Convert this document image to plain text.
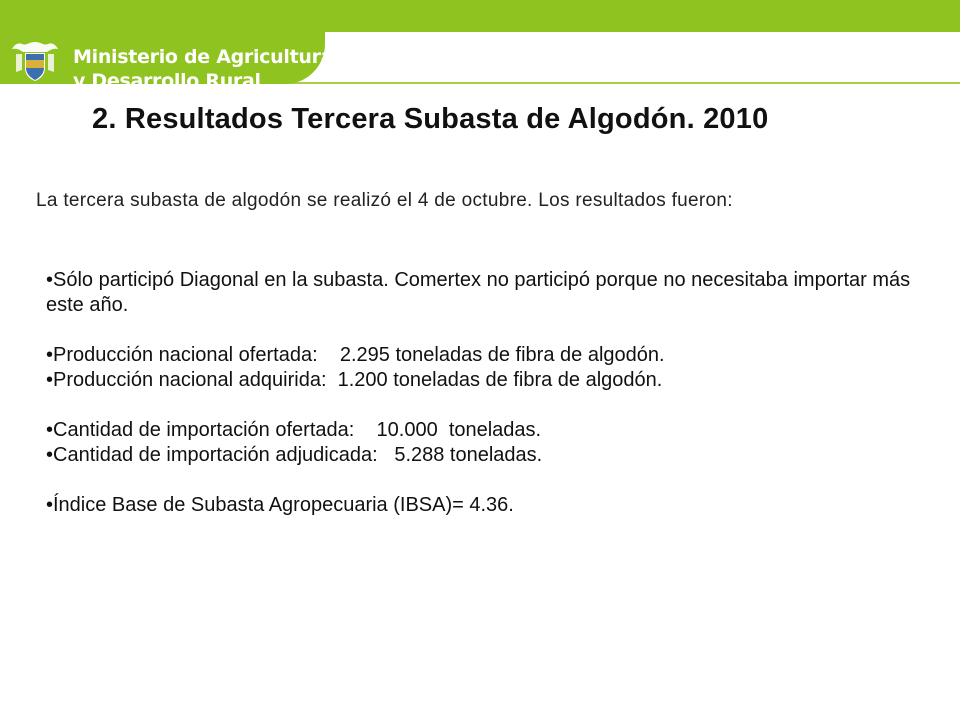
Libertad y Orden
Ministerio de Agricultura
y Desarrollo Rural
2. Resultados Tercera Subasta de Algodón. 2010
La tercera subasta de algodón se realizó el 4 de octubre. Los resultados fueron:

•Sólo participó Diagonal en la subasta. Comertex no participó porque no necesitaba importar más este año.

•Producción nacional ofertada:    2.295 toneladas de fibra de algodón.

•Producción nacional adquirida:  1.200 toneladas de fibra de algodón.

•Cantidad de importación ofertada:    10.000  toneladas.

•Cantidad de importación adjudicada:   5.288 toneladas.

•Índice Base de Subasta Agropecuaria (IBSA)= 4.36.
